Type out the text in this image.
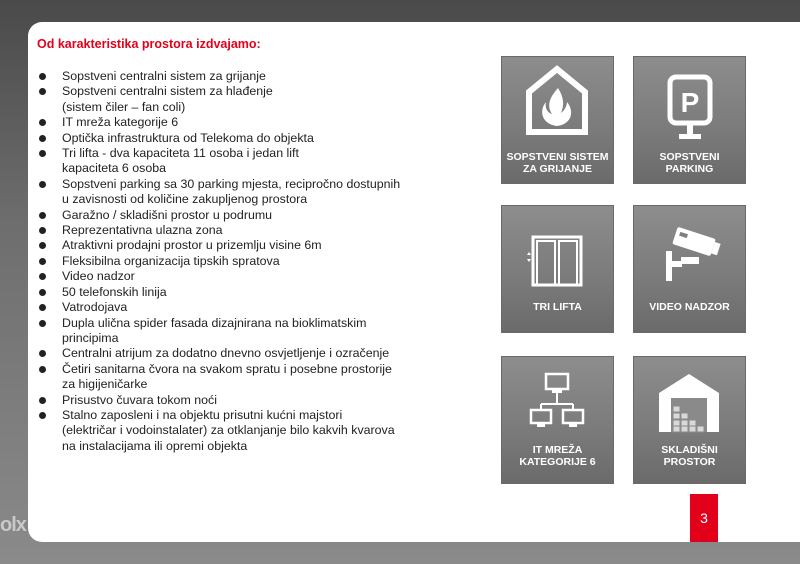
Od karakteristika prostora izdvajamo:
Sopstveni centralni sistem za grijanje
Sopstveni centralni sistem za hlađenje
(sistem čiler – fan coli)
IT mreža kategorije 6
Optička infrastruktura od Telekoma do objekta
Tri lifta - dva kapaciteta 11 osoba i jedan lift
kapaciteta 6 osoba
Sopstveni parking sa 30 parking mjesta, recipročno dostupnih
u zavisnosti od količine zakupljenog prostora
Garažno / skladišni prostor u podrumu
Reprezentativna ulazna zona
Atraktivni prodajni prostor u prizemlju visine 6m
Fleksibilna organizacija tipskih spratova
Video nadzor
50 telefonskih linija
Vatrodojava
Dupla ulična spider fasada dizajnirana na bioklimatskim
principima
Centralni atrijum za dodatno dnevno osvjetljenje i ozračenje
Četiri sanitarna čvora na svakom spratu i posebne prostorije
za higijeničarke
Prisustvo čuvara tokom noći
Stalno zaposleni i na objektu prisutni kućni majstori
(električar i vodoinstalater) za otklanjanje bilo kakvih kvarova
na instalacijama ili opremi objekta
SOPSTVENI SISTEM
ZA GRIJANJE
P
SOPSTVENI
PARKING
TRI LIFTA	VIDEO NADZOR
IT MREŽA
KATEGORIJE 6
SKLADIŠNI
PROSTOR
3
olx
